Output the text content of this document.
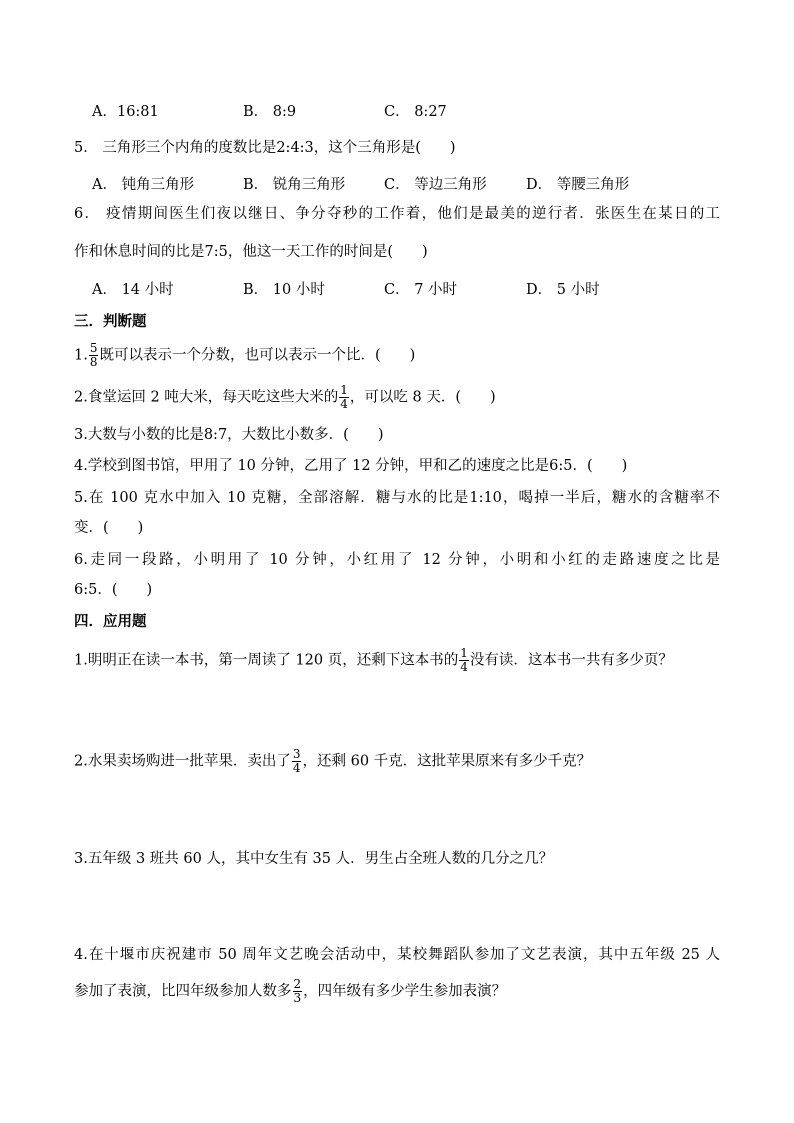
A．16:81	B． 8:9	C． 8:27
5． 三角形三个内角的度数比是2:4:3，这个三角形是(　　)
A． 钝角三角形	B． 锐角三角形	C． 等边三角形	D． 等腰三角形
6． 疫情期间医生们夜以继日、争分夺秒的工作着，他们是最美的逆行者．张医生在某日的工
作和休息时间的比是7:5，他这一天工作的时间是(　　)
A． 14 小时	B． 10 小时	C． 7 小时	D． 5 小时
三．判断题
1. $\frac{5}{8}$ 既可以表示一个分数，也可以表示一个比．(　　)
2.食堂运回 2 吨大米，每天吃这些大米的 $\frac{1}{4}$ ，可以吃 8 天．(　　)
3.大数与小数的比是8:7，大数比小数多．(　　)
4.学校到图书馆，甲用了 10 分钟，乙用了 12 分钟，甲和乙的速度之比是6:5．(　　)
5.在 100 克水中加入 10 克糖，全部溶解．糖与水的比是1:10，喝掉一半后，糖水的含糖率不
变．(　　)
6.走同一段路，小明用了 10 分钟，小红用了 12 分钟，小明和小红的走路速度之比是
6:5．(　　)
四．应用题
1.明明正在读一本书，第一周读了 120 页，还剩下这本书的 $\frac{1}{4}$ 没有读．这本书一共有多少页？
2.水果卖场购进一批苹果．卖出了 $\frac{3}{4}$ ，还剩 60 千克．这批苹果原来有多少千克？
3.五年级 3 班共 60 人，其中女生有 35 人．男生占全班人数的几分之几？
4.在十堰市庆祝建市 50 周年文艺晚会活动中，某校舞蹈队参加了文艺表演，其中五年级 25 人
参加了表演，比四年级参加人数多 $\frac{2}{3}$ ，四年级有多少学生参加表演？
